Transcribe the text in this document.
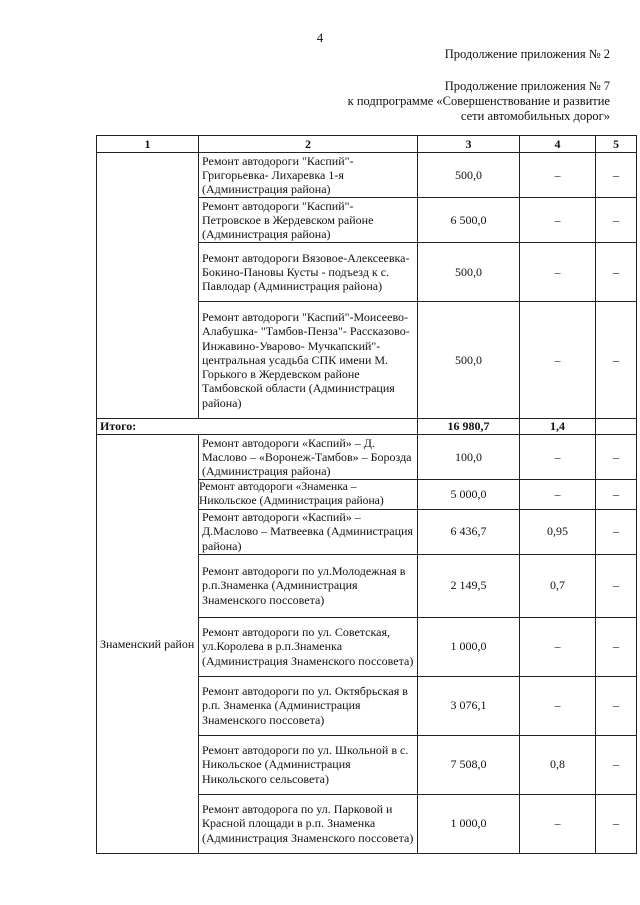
4
Продолжение приложения № 2
Продолжение приложения № 7
к подпрограмме «Совершенствование и развитие
сети автомобильных дорог»
1	2	3	4	5
	Ремонт автодороги "Каспий"- Григорьевка- Лихаревка 1-я (Администрация района)	500,0	–	–
	Ремонт автодороги "Каспий"- Петровское в Жердевском районе (Администрация района)	6 500,0	–	–
	Ремонт автодороги Вязовое-Алексеевка- Бокино-Пановы Кусты - подъезд к с. Павлодар (Администрация района)	500,0	–	–
	Ремонт автодороги "Каспий"-Моисеево- Алабушка- "Тамбов-Пенза"- Рассказово- Инжавино-Уварово- Мучкапский"- центральная усадьба СПК имени М. Горького в Жердевском районе Тамбовской области (Администрация района)	500,0	–	–
Итого:		16 980,7	1,4	
Знаменский район	Ремонт автодороги «Каспий» – Д. Маслово – «Воронеж-Тамбов» – Борозда (Администрация района)	100,0	–	–
	Ремонт автодороги «Знаменка – Никольское (Администрация района)	5 000,0	–	–
	Ремонт автодороги «Каспий» – Д.Маслово – Матвеевка (Администрация района)	6 436,7	0,95	–
	Ремонт автодороги по ул.Молодежная в р.п.Знаменка (Администрация Знаменского поссовета)	2 149,5	0,7	–
	Ремонт автодороги по ул. Советская, ул.Королева в р.п.Знаменка (Администрация Знаменского поссовета)	1 000,0	–	–
	Ремонт автодороги по ул. Октябрьская в р.п. Знаменка (Администрация Знаменского поссовета)	3 076,1	–	–
	Ремонт автодороги по ул. Школьной в с. Никольское (Администрация Никольского сельсовета)	7 508,0	0,8	–
	Ремонт автодорога по ул. Парковой и Красной площади в р.п. Знаменка (Администрация Знаменского поссовета)	1 000,0	–	–
